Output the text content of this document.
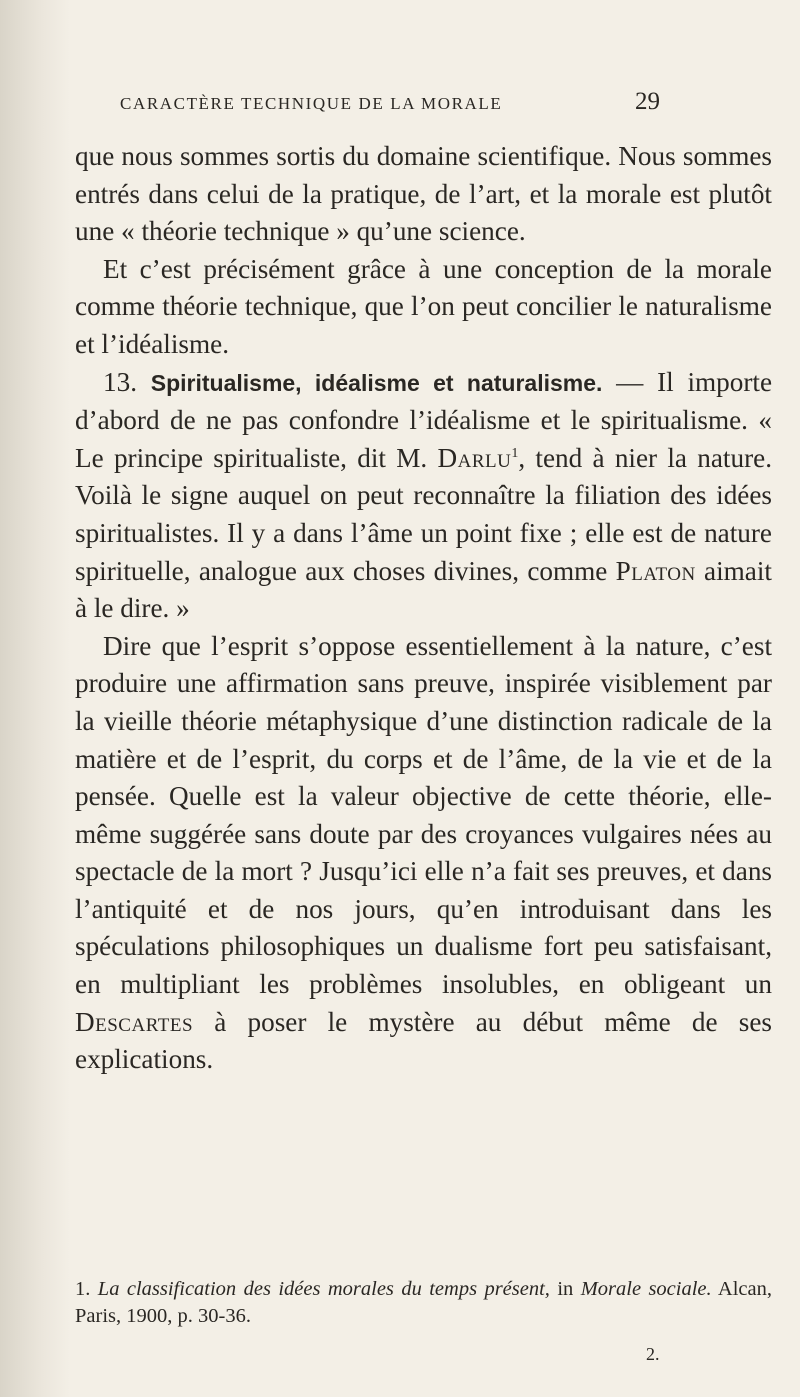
CARACTÈRE TECHNIQUE DE LA MORALE	29

que nous sommes sortis du domaine scientifique. Nous sommes entrés dans celui de la pratique, de l’art, et la morale est plutôt une « théorie technique » qu’une science.

Et c’est précisément grâce à une conception de la morale comme théorie technique, que l’on peut concilier le naturalisme et l’idéalisme.

13. Spiritualisme, idéalisme et naturalisme. — Il importe d’abord de ne pas confondre l’idéalisme et le spiritualisme. « Le principe spiritualiste, dit M. Darlu$^1$, tend à nier la nature. Voilà le signe auquel on peut reconnaître la filiation des idées spiritualistes. Il y a dans l’âme un point fixe ; elle est de nature spirituelle, analogue aux choses divines, comme Platon aimait à le dire. »

Dire que l’esprit s’oppose essentiellement à la nature, c’est produire une affirmation sans preuve, inspirée visiblement par la vieille théorie métaphysique d’une distinction radicale de la matière et de l’esprit, du corps et de l’âme, de la vie et de la pensée. Quelle est la valeur objective de cette théorie, elle-même suggérée sans doute par des croyances vulgaires nées au spectacle de la mort ? Jusqu’ici elle n’a fait ses preuves, et dans l’antiquité et de nos jours, qu’en introduisant dans les spéculations philosophiques un dualisme fort peu satisfaisant, en multipliant les problèmes insolubles, en obligeant un Descartes à poser le mystère au début même de ses explications.

1. La classification des idées morales du temps présent, in Morale sociale. Alcan, Paris, 1900, p. 30-36.
2.
